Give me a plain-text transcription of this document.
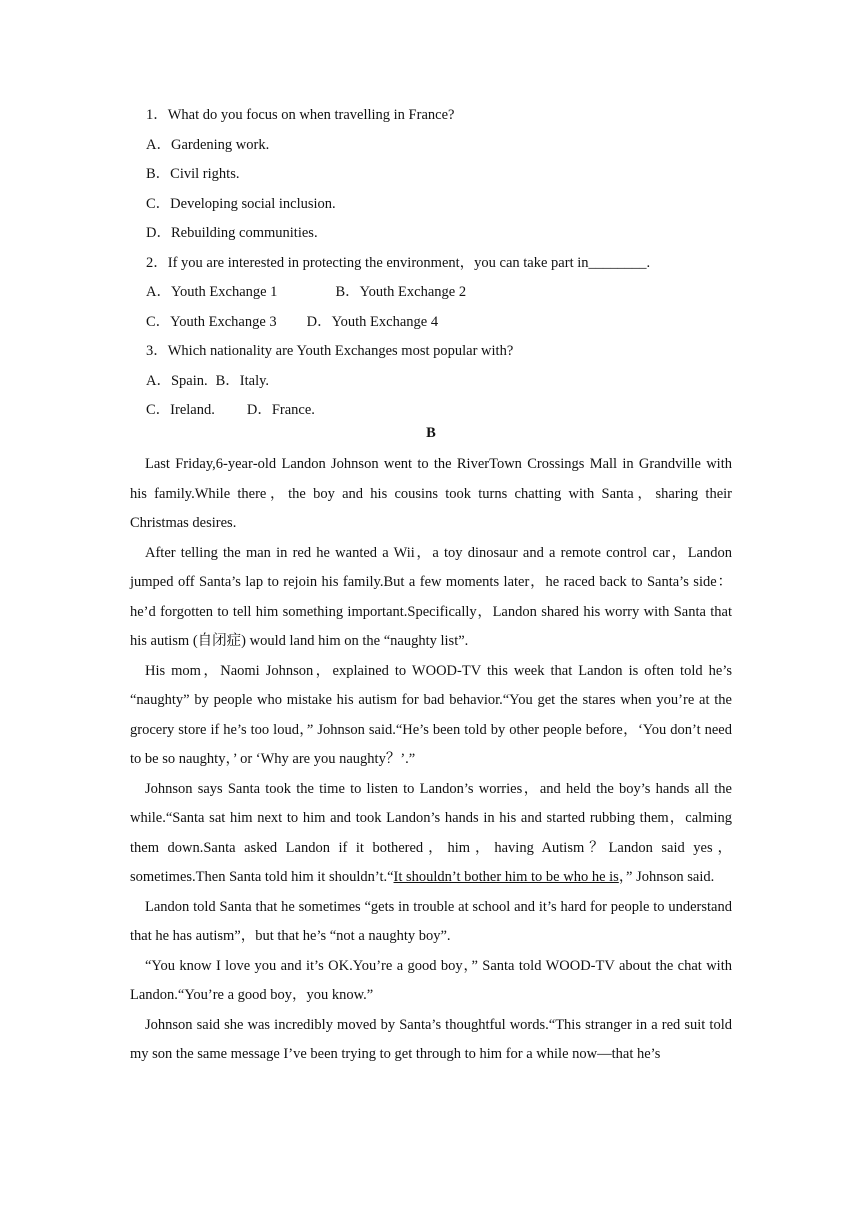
1．What do you focus on when travelling in France?
A．Gardening work.
B．Civil rights.
C．Developing social inclusion.
D．Rebuilding communities.
2．If you are interested in protecting the environment，you can take part in________.
A．Youth Exchange 1	B．Youth Exchange 2
C．Youth Exchange 3 D．Youth Exchange 4
3．Which nationality are Youth Exchanges most popular with?
A．Spain. B．Italy.
C．Ireland. D．France.
B

Last Friday,6‐year‐old Landon Johnson went to the RiverTown Crossings Mall in Grandville with his family.While there，the boy and his cousins took turns chatting with Santa，sharing their Christmas desires.

After telling the man in red he wanted a Wii，a toy dinosaur and a remote control car，Landon jumped off Santa’s lap to rejoin his family.But a few moments later，he raced back to Santa’s side：he’d forgotten to tell him something important.Specifically，Landon shared his worry with Santa that his autism (自闭症) would land him on the “naughty list”.

His mom，Naomi Johnson，explained to WOOD‐TV this week that Landon is often told he’s “naughty” by people who mistake his autism for bad behavior.“You get the stares when you’re at the grocery store if he’s too loud，” Johnson said.“He’s been told by other people before，‘You don’t need to be so naughty，’ or ‘Why are you naughty？’.”

Johnson says Santa took the time to listen to Landon’s worries，and held the boy’s hands all the while.“Santa sat him next to him and took Landon’s hands in his and started rubbing them，calming them down.Santa asked Landon if it bothered，him，having Autism？Landon said yes，sometimes.Then Santa told him it shouldn’t.“It shouldn’t bother him to be who he is，” Johnson said.

Landon told Santa that he sometimes “gets in trouble at school and it’s hard for people to understand that he has autism”，but that he’s “not a naughty boy”.

“You know I love you and it’s OK.You’re a good boy，” Santa told WOOD‐TV about the chat with Landon.“You’re a good boy，you know.”

Johnson said she was incredibly moved by Santa’s thoughtful words.“This stranger in a red suit told my son the same message I’ve been trying to get through to him for a while now—that he’s
